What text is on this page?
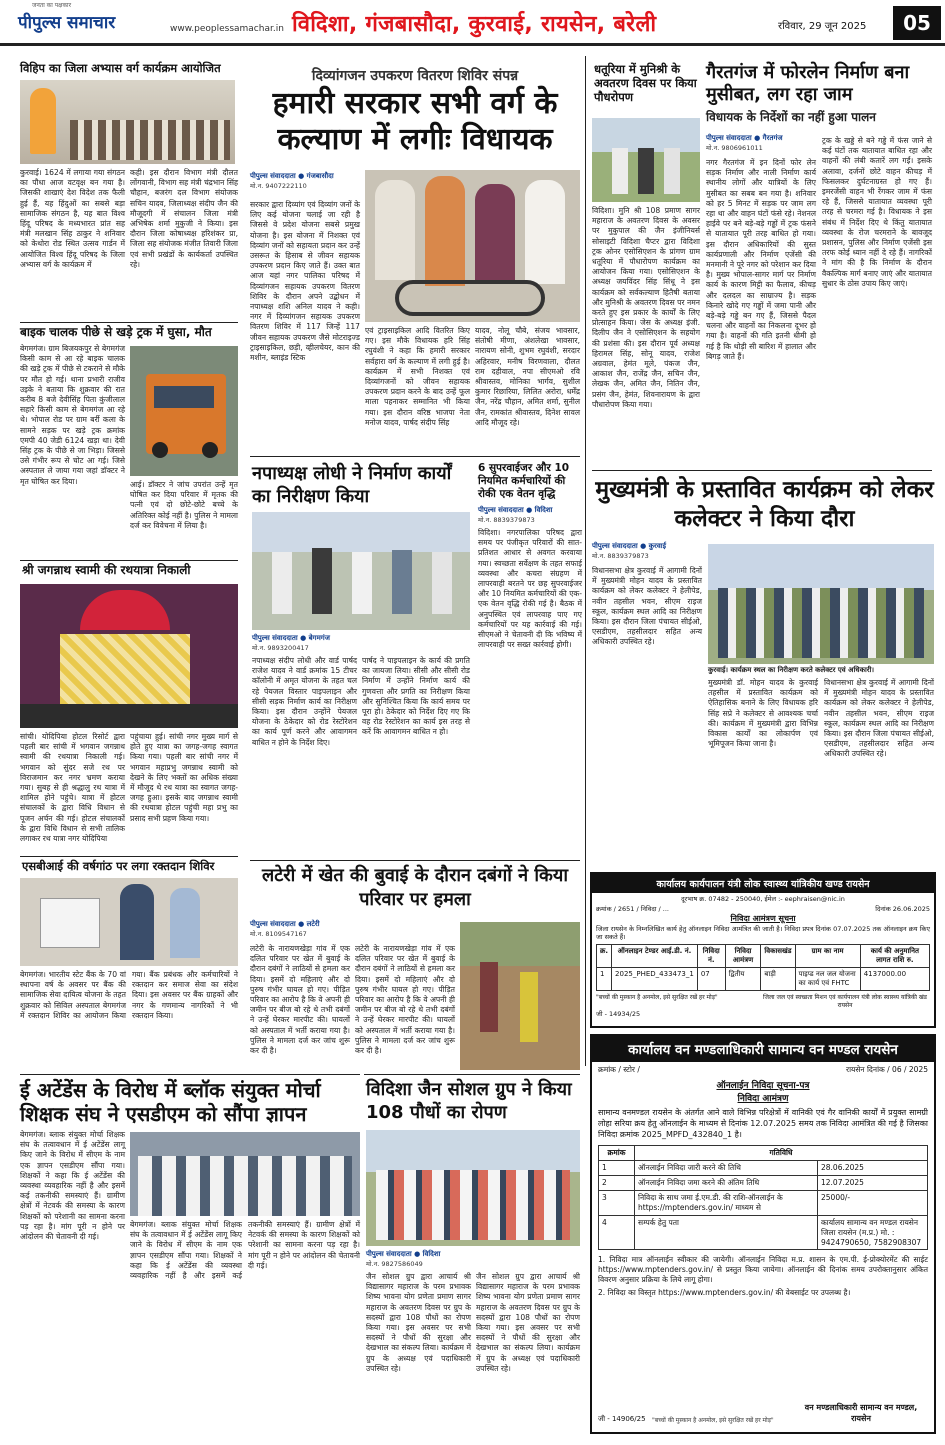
जनता का पक्षकार
पीपुल्स समाचार	www.peoplessamachar.in विदिशा, गंजबासौदा, कुरवाई, रायसेन, बरेली	रविवार, 29 जून 2025	05
विहिप का जिला अभ्यास वर्ग कार्यक्रम आयोजित
कुरवाई। 1624 में लगाया गया संगठन का पौधा आज वटवृक्ष बन गया है। जिसकी शाखाएं देश विदेश तक फैली हुई हैं, यह हिंदुओं का सबसे बड़ा सामाजिक संगठन है, यह बात विश्व हिंदू परिषद के मध्यभारत प्रांत सह मंत्री मलखान सिंह ठाकुर ने शनिवार को केथोरा रोड स्थित उत्सव गार्डन में आयोजित विश्व हिंदू परिषद के जिला अभ्यास वर्ग के कार्यक्रम में
कही। इस दौरान विभाग मंत्री दौलत लोंगवानी, विभाग सह मंत्री चंद्रभान सिंह चौहान, बजरंग दल विभाग संयोजक सचिन यादव, जिलाध्यक्ष संदीप जैन की मौजूदगी में संचालन जिला मंत्री अभिषेक शर्मा मुकुजी ने किया। इस दौरान जिला कोषाध्यक्ष हरिशंकर प्रा, जिला सह संयोजक मंजीत तिवारी जिला एवं सभी प्रखंडों के कार्यकर्ता उपस्थित रहे।
बाइक चालक पीछे से खड़े ट्रक में घुसा, मौत
बेगमगंज। ग्राम बिजयकपुर से बेगमगंज किसी काम से आ रहे बाइक चालक की खड़े ट्रक में पीछे से टकराने से मौके पर मौत हो गई। थाना प्रभारी राजीव उइके ने बताया कि शुक्रवार की रात करीब 8 बजे देवीसिंह पिता कुंजीलाल सहारे किसी काम से बेगमगंज आ रहे थे। भोपाल रोड पर ग्राम बर्री कला के सामने सड़क पर खड़े ट्रक क्रमांक एमपी 40 जेडी 6124 खड़ा था। देवी सिंह ट्रक के पीछे से जा भिड़ा। जिससे उसे गंभीर रूप से चोट आ गई। जिसे अस्पताल ले जाया गया जहां डॉक्टर ने मृत घोषित कर दिया।	आई। डॉक्टर ने जांच उपरांत उन्हें मृत घोषित कर दिया परिवार में मृतक की पत्नी एवं दो छोटे-छोटे बच्चे के अतिरिक्त कोई नहीं है। पुलिस ने मामला दर्ज कर विवेचना में लिया है।
श्री जगन्नाथ स्वामी की रथयात्रा निकाली
सांची। योदिपिया होटल रिसोर्ट द्वारा पहली बार सांची में भगवान जगन्नाथ स्वामी की रथयात्रा निकाली गई। भगवान को सुंदर सजे रथ पर विराजमान कर नगर भ्रमण कराया गया। सुबह से ही श्रद्धालु रथ यात्रा में शामिल होने पहुंचे। यात्रा में होटल संचालकों के द्वारा विधि विधान से पूजन अर्चन की गई। होटल संचालकों के द्वारा विधि विधान से सभी तालिक लगाकर रथ यात्रा नगर योदिपिया
पहुंचाया हुई। सांची नगर मुख्य मार्ग से होते हुए यात्रा का जगह-जगह स्वागत किया गया। पहली बार सांची नगर में भगवान महाप्रभु जगन्नाथ स्वामी को देखने के लिए भक्तों का अधिक संख्या में मौजूद थे रथ यात्रा का स्वागत जगह-जगह हुआ। इसके बाद जगन्नाथ स्वामी की रथयात्रा होटल पहुंची महा प्रभु का प्रसाद सभी प्रहण किया गया।
एसबीआई की वर्षगांठ पर लगा रक्तदान शिविर
बेगमगंज। भारतीय स्टेट बैंक के 70 वां स्थापना वर्ष के अवसर पर बैंक की सामाजिक सेवा दायित्व योजना के तहत शुक्रवार को सिविल अस्पताल बेगमगंज में रक्तदान शिविर का आयोजन किया गया। बैंक प्रबंधक और कर्मचारियों ने रक्तदान कर समाज सेवा का संदेश दिया। इस अवसर पर बैंक ग्राहकों और नगर के गणमान्य नागरिकों ने भी रक्तदान किया।
ई अटेंडेंस के विरोध में ब्लॉक संयुक्त मोर्चा शिक्षक संघ ने एसडीएम को सौंपा ज्ञापन
बेगमगंज। ब्लाक संयुक्त मोर्चा शिक्षक संघ के तत्वावधान में ई अटेंडेंस लागू किए जाने के विरोध में सीएम के नाम एक ज्ञापन एसडीएम सौंपा गया। शिक्षकों ने कहा कि ई अटेंडेंस की व्यवस्था व्यवहारिक नहीं है और इसमें कई तकनीकी समस्याएं हैं। ग्रामीण क्षेत्रों में नेटवर्क की समस्या के कारण शिक्षकों को परेशानी का सामना करना पड़ रहा है। मांग पूरी न होने पर आंदोलन की चेतावनी दी गई।
बेगमगंज। ब्लाक संयुक्त मोर्चा शिक्षक संघ के तत्वावधान में ई अटेंडेंस लागू किए जाने के विरोध में सीएम के नाम एक ज्ञापन एसडीएम सौंपा गया। शिक्षकों ने कहा कि ई अटेंडेंस की व्यवस्था व्यवहारिक नहीं है और इसमें कई तकनीकी समस्याएं हैं। ग्रामीण क्षेत्रों में नेटवर्क की समस्या के कारण शिक्षकों को परेशानी का सामना करना पड़ रहा है। मांग पूरी न होने पर आंदोलन की चेतावनी दी गई।
दिव्यांगजन उपकरण वितरण शिविर संपन्न
हमारी सरकार सभी वर्ग के कल्याण में लगीः विधायक
पीपुल्स संवाददाता ● गंजबासौदा
मो.न. 9407222110
सरकार द्वारा दिव्यांग एवं दिव्यांग जनों के लिए कई योजना चलाई जा रही है जिससे वे प्रदेश योजना सबसे प्रमुख योजना है। इस योजना में निशक्त एवं दिव्यांग जनों को सहायता प्रदान कर उन्हें उसरूत के हिसाब से जीवन सहायक उपकरण प्रदान किए जाते हैं। उक्त बात आज यहां नगर पालिका परिषद में दिव्यांगजन सहायक उपकरण वितरण शिविर के दौरान अपने उद्बोधन में नपाध्यक्ष शशि अनिल यादव ने कही। नगर में दिव्यांगजन सहायक उपकरण वितरण शिविर में 117 जिन्हें 117 जीवन सहायक उपकरण जैसे मोटराइज्ड ट्राइसाइकिल, छड़ी, व्हीलचेयर, कान की मशीन, ब्लाइंड स्टिक
एवं ट्राइसाइकिल आदि वितरित किए गए। इस मौके विधायक हरि सिंह रघुवंशी ने कहा कि हमारी सरकार सर्वहारा वर्ग के कल्याण में लगी हुई है। कार्यक्रम में सभी निशक्त एवं दिव्यांगजनों को जीवन सहायक उपकरण प्रदान करने के बाद उन्हें फूल माला पहनाकर सम्मानित भी किया गया। इस दौरान वरिष्ठ भाजपा नेता मनोज यादव, पार्षद संदीप सिंह
यादव, नोलू चौबे, संजय भावसार, संतोषी मीणा, अंशलेखा भावसार, नारायण सोनी, शुभम रघुवंशी, सरदार अहिरवार, मनीष विरणवाला, दौलत राम दहीवाल, नपा सीएमओ रवि श्रीवास्तव, मोनिका भार्गव, सुशील कुमार रिछारिया, लिलित अरोरा, धर्मेंद्र जैन, नरेंद्र चौहान, अमित शर्मा, सुनील जैन, रामकांत श्रीवास्तव, दिनेश सावल आदि मौजूद रहे।
नपाध्यक्ष लोधी ने निर्माण कार्यों का निरीक्षण किया
पीपुल्स संवाददाता ● बेगमगंज
मो.न. 9893200417
नपाध्यक्ष संदीप लोधी और वार्ड पार्षद राजेश यादव ने वार्ड क्रमांक 15 टीचर कॉलोनी में अमृत योजना के तहत चल रहे पेयजल विस्तार पाइपलाइन और सीसी सड़क निर्माण कार्य का निरीक्षण किया। इस दौरान उन्होंने पेयजल योजना के ठेकेदार को रोड रेस्टोरेशन का कार्य पूर्ण करने और आवागमन बाधित न होने के निर्देश दिए।
पार्षद ने पाइपलाइन के कार्य की प्रगति का जायजा लिया। सीसी और सीसी रोड निर्माण में उन्होंने निर्माण कार्य की गुणवत्ता और प्रगति का निरीक्षण किया और सुनिश्चित किया कि कार्य समय पर पूरा हो। ठेकेदार को निर्देश दिए गए कि वह रोड रेस्टोरेशन का कार्य इस तरह से करें कि आवागमन बाधित न हो।
लटेरी में खेत की बुवाई के दौरान दबंगों ने किया परिवार पर हमला
पीपुल्स संवाददाता ● लटेरी
मो.न. 8109547167
लटेरी के नारायणखेड़ा गांव में एक दलित परिवार पर खेत में बुवाई के दौरान दबंगों ने लाठियों से हमला कर दिया। इसमें दो महिलाएं और दो पुरुष गंभीर घायल हो गए। पीड़ित परिवार का आरोप है कि वे अपनी ही जमीन पर बीज बो रहे थे तभी दबंगों ने उन्हें घेरकर मारपीट की। घायलों को अस्पताल में भर्ती कराया गया है। पुलिस ने मामला दर्ज कर जांच शुरू कर दी है।
लटेरी के नारायणखेड़ा गांव में एक दलित परिवार पर खेत में बुवाई के दौरान दबंगों ने लाठियों से हमला कर दिया। इसमें दो महिलाएं और दो पुरुष गंभीर घायल हो गए। पीड़ित परिवार का आरोप है कि वे अपनी ही जमीन पर बीज बो रहे थे तभी दबंगों ने उन्हें घेरकर मारपीट की। घायलों को अस्पताल में भर्ती कराया गया है। पुलिस ने मामला दर्ज कर जांच शुरू कर दी है।
धतूरिया में मुनिश्री के अवतरण दिवस पर किया पौधरोपण
विदिशा। मुनि श्री 108 प्रमाण सागर महाराज के अवतरण दिवस के अवसर पर मुकुपाल की जैन इंजीनियर्स सोसाइटी विदिशा चैप्टर द्वारा विदिशा ट्रक ओनर एसोसिएशन के प्रांगण ग्राम धतूरिया में पौधारोपण कार्यक्रम का आयोजन किया गया। एसोसिएशन के अध्यक्ष जयविंदर सिंह सिंधू ने इस कार्यक्रम को सर्वकल्याण हितैषी बताया और मुनिश्री के अवतरण दिवस पर नमन करते हुए इस प्रकार के कार्यों के लिए प्रोत्साहन किया। जेस के अध्यक्ष इंजी. दिलीप जैन ने एसोसिएशन के सहयोग की प्रशंसा की। इस दौरान पूर्व अध्यक्ष हिरामल सिंह, सोनू यादव, राजेश अग्रवाल, हेमंत मूले, पंकज जैन, आकाश जैन, राजेंद्र जैन, सचिन जैन, लेखक जैन, अमित जैन, नितिन जैन, प्रसंग जैन, हेमंत, शिवनारायण के द्वारा पौधारोपण किया गया।
6 सुपरवाईजर और 10 नियमित कर्मचारियों की रोकी एक वेतन वृद्धि
पीपुल्स संवाददाता ● विदिशा
मो.न. 8839379873
विदिशा। नगरपालिका परिषद द्वारा समय पर पंजीकृत परिवारों की सात-प्रतिशत आधार से अवगत करवाया गया। स्वच्छता सर्वेक्षण के तहत सफाई व्यवस्था और कचरा संग्रहण में लापरवाही बरतने पर छह सुपरवाईजर और 10 नियमित कर्मचारियों की एक-एक वेतन वृद्धि रोकी गई है। बैठक में अनुपस्थित एवं लापरवाह पाए गए कर्मचारियों पर यह कार्रवाई की गई। सीएमओ ने चेतावनी दी कि भविष्य में लापरवाही पर सख्त कार्रवाई होगी।
विदिशा जैन सोशल ग्रुप ने किया 108 पौधों का रोपण
पीपुल्स संवाददाता ● विदिशा
मो.न. 9827586049
जैन सोशल ग्रुप द्वारा आचार्य श्री विद्यासागर महाराज के परम प्रभावक शिष्य भावना योग प्रणेता प्रमाण सागर महाराज के अवतरण दिवस पर ग्रुप के सदस्यों द्वारा 108 पौधों का रोपण किया गया। इस अवसर पर सभी सदस्यों ने पौधों की सुरक्षा और देखभाल का संकल्प लिया। कार्यक्रम में ग्रुप के अध्यक्ष एवं पदाधिकारी उपस्थित रहे।
जैन सोशल ग्रुप द्वारा आचार्य श्री विद्यासागर महाराज के परम प्रभावक शिष्य भावना योग प्रणेता प्रमाण सागर महाराज के अवतरण दिवस पर ग्रुप के सदस्यों द्वारा 108 पौधों का रोपण किया गया। इस अवसर पर सभी सदस्यों ने पौधों की सुरक्षा और देखभाल का संकल्प लिया। कार्यक्रम में ग्रुप के अध्यक्ष एवं पदाधिकारी उपस्थित रहे।
गैरतगंज में फोरलेन निर्माण बना मुसीबत, लग रहा जाम
विधायक के निर्देशों का नहीं हुआ पालन
पीपुल्स संवाददाता ● गैरतगंज
मो.न. 9806961011
नगर गैरतगंज में इन दिनों फोर लेन सड़क निर्माण और नाली निर्माण कार्य स्थानीय लोगों और यात्रियों के लिए मुसीबत का सबब बन गया है। शनिवार को हर 5 मिनट में सड़क पर जाम लग रहा था और वाहन घंटों फंसे रहे। नेशनल हाईवे पर बने बड़े-बड़े गड्ढों में ट्रक फंसने से यातायात पूरी तरह बाधित हो गया। इस दौरान अधिकारियों की सुस्त कार्यप्रणाली और निर्माण एजेंसी की मनमानी ने पूरे नगर को परेशान कर दिया है। मुख्य भोपाल-सागर मार्ग पर निर्माण कार्य के कारण मिट्टी का फैलाव, कीचड़ और दलदल का साम्राज्य है। सड़क किनारे खोदे गए गड्ढों में जमा पानी और बड़े-बड़े गड्ढे बन गए हैं, जिससे पैदल चलना और वाहनों का निकलना दूभर हो गया है। वाहनों की गति इतनी धीमी हो गई है कि थोड़ी सी बारिश में हालात और बिगड़ जाते हैं।
ट्रक के खड्डे से बने गड्ढे में फंस जाने से कई घंटों तक यातायात बाधित रहा और वाहनों की लंबी कतारें लग गईं। इसके अलावा, दर्जनों छोटे वाहन कीचड़ में फिसलकर दुर्घटनाग्रस्त हो गए हैं। इमरजेंसी वाहन भी रेंगकर जाम में फंस रहे हैं, जिससे यातायात व्यवस्था पूरी तरह से चरमरा गई है। विधायक ने इस संबंध में निर्देश दिए थे किंतु यातायात व्यवस्था के रोज चरमराने के बावजूद प्रशासन, पुलिस और निर्माण एजेंसी इस तरफ कोई ध्यान नहीं दे रहे हैं। नागरिकों ने मांग की है कि निर्माण के दौरान वैकल्पिक मार्ग बनाए जाएं और यातायात सुधार के ठोस उपाय किए जाएं।
मुख्यमंत्री के प्रस्तावित कार्यक्रम को लेकर कलेक्टर ने किया दौरा
पीपुल्स संवाददाता ● कुरवाई
मो.न. 8839379873
विधानसभा क्षेत्र कुरवाई में आगामी दिनों में मुख्यमंत्री मोहन यादव के प्रस्तावित कार्यक्रम को लेकर कलेक्टर ने हेलीपेड, नवीन तहसील भवन, सीएम राइज स्कूल, कार्यक्रम स्थल आदि का निरीक्षण किया। इस दौरान जिला पंचायत सीईओ, एसडीएम, तहसीलदार सहित अन्य अधिकारी उपस्थित रहे।
कुरवाई। कार्यक्रम स्थल का निरीक्षण करते कलेक्टर एवं अधिकारी।
मुख्यमंत्री डॉ. मोहन यादव के कुरवाई तहसील में प्रस्तावित कार्यक्रम को ऐतिहासिक बनाने के लिए विधायक हरि सिंह सप्रे ने कलेक्टर से आवश्यक चर्चा की। कार्यक्रम में मुख्यमंत्री द्वारा विभिन्न विकास कार्यों का लोकार्पण एवं भूमिपूजन किया जाना है।
विधानसभा क्षेत्र कुरवाई में आगामी दिनों में मुख्यमंत्री मोहन यादव के प्रस्तावित कार्यक्रम को लेकर कलेक्टर ने हेलीपेड, नवीन तहसील भवन, सीएम राइज स्कूल, कार्यक्रम स्थल आदि का निरीक्षण किया। इस दौरान जिला पंचायत सीईओ, एसडीएम, तहसीलदार सहित अन्य अधिकारी उपस्थित रहे।
कार्यालय कार्यपालन यंत्री लोक स्वास्थ्य यांत्रिकीय खण्ड रायसेन
दूरभाष क्र. 07482 - 250040, ईमेल :- eephraisen@nic.in
क्रमांक / 2651 / निविदा / ...	दिनांक 26.06.2025
निविदा आमंत्रण सूचना
जिला रायसेन के निम्नलिखित कार्य हेतु ऑनलाइन निविदा आमंत्रित की जाती है। निविदा प्रपत्र दिनांक 07.07.2025 तक ऑनलाइन क्रय किए जा सकते हैं।
क्र.	ऑनलाइन टेण्डर आई.डी. नं.	निविदा नं.	निविदा आमंत्रण	विकासखंड	ग्राम का नाम	कार्य की अनुमानित लागत राशि रु.
1	2025_PHED_433473_1	07	द्वितीय	बाड़ी	पाइप्ड नल जल योजना का कार्य एवं FHTC	4137000.00
"बच्चों की मुस्कान है अनमोल, इसे सुरक्षित रखें हर मोड़"	जिला जल एवं स्वच्छता मिशन एवं कार्यपालन यंत्री लोक स्वास्थ्य यांत्रिकी खंड रायसेन
जी - 14934/25
कार्यालय वन मण्डलाधिकारी सामान्य वन मण्डल रायसेन
क्रमांक / स्टोर /	रायसेन दिनांक / 06 / 2025
ऑनलाईन निविदा सूचना-पत्र
निविदा आमंत्रण
सामान्य वनमण्डल रायसेन के अंतर्गत आने वाले विभिन्न परिक्षेत्रों में वानिकी एवं गैर वानिकी कार्यों में प्रयुक्त सामग्री लोहा सरिया क्रय हेतु ऑनलाईन के माध्यम से दिनांक 12.07.2025 समय तक निविदा आमंत्रित की गई है जिसका निविदा क्रमांक 2025_MPFD_432840_1 है।
क्रमांक	गतिविधि	
1	ऑनलाईन निविदा जारी करने की तिथि	28.06.2025
2	ऑनलाईन निविदा जमा करने की अंतिम तिथि	12.07.2025
3	निविदा के साथ जमा ई.एम.डी. की राशि-ऑनलाईन के https://mptenders.gov.in/ माध्यम से	25000/-
4	सम्पर्क हेतु पता	कार्यालय सामान्य वन मण्डल रायसेन जिला रायसेन (म.प्र.) मो. : 9424790650, 7582908307
1. निविदा मात्र ऑनलाईन स्वीकार की जायेगी। ऑनलाईन निविदा म.प्र. शासन के एम.पी. ई-प्रोक्योरमेंट की साईट https://www.mptenders.gov.in/ से प्रस्तुत किया जायेगा। ऑनलाईन की दिनांक समय उपरोक्तानुसार अंकित विवरण अनुसार प्रक्रिया के लिये लागू होगा।
2. निविदा का विस्तृत https://www.mptenders.gov.in/ की वेबसाईट पर उपलब्ध है।
जी - 14906/25 "बच्चों की मुस्कान है अनमोल, इसे सुरक्षित रखें हर मोड़"
वन मण्डलाधिकारी सामान्य वन मण्डल, रायसेन
